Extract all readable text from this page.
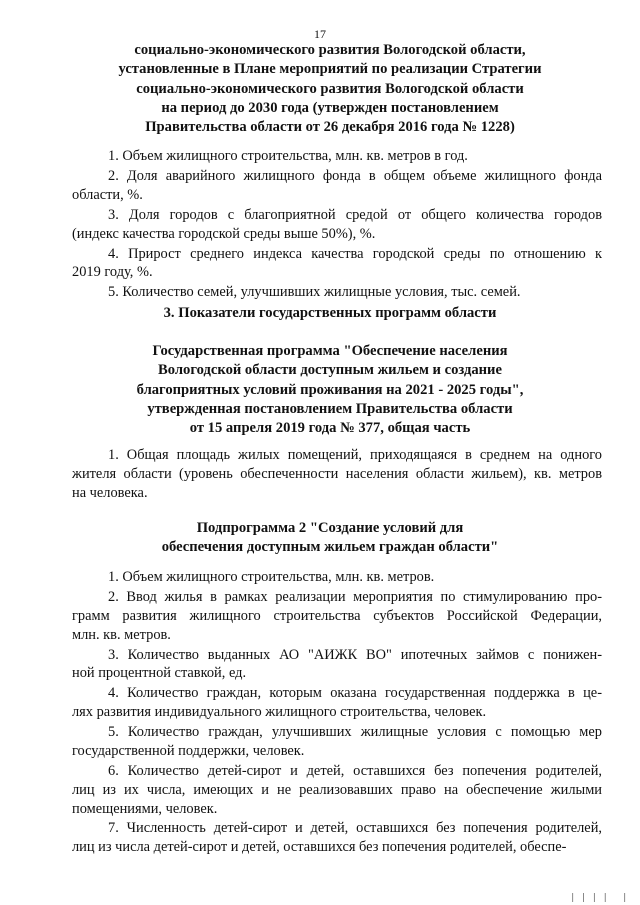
17
социально-экономического развития Вологодской области,
установленные в Плане мероприятий по реализации Стратегии
социально-экономического развития Вологодской области
на период до 2030 года (утвержден постановлением
Правительства области от 26 декабря 2016 года № 1228)
1. Объем жилищного строительства, млн. кв. метров в год.
2. Доля аварийного жилищного фонда в общем объеме жилищного фонда
области, %.
3. Доля городов с благоприятной средой от общего количества городов
(индекс качества городской среды выше 50%), %.
4. Прирост среднего индекса качества городской среды по отношению к
2019 году, %.
5. Количество семей, улучшивших жилищные условия, тыс. семей.
3. Показатели государственных программ области
Государственная программа "Обеспечение населения
Вологодской области доступным жильем и создание
благоприятных условий проживания на 2021 - 2025 годы",
утвержденная постановлением Правительства области
от 15 апреля 2019 года № 377, общая часть
1. Общая площадь жилых помещений, приходящаяся в среднем на одного
жителя области (уровень обеспеченности населения области жильем), кв. метров
на человека.
Подпрограмма 2 "Создание условий для
обеспечения доступным жильем граждан области"
1. Объем жилищного строительства, млн. кв. метров.
2. Ввод жилья в рамках реализации мероприятия по стимулированию про-
грамм развития жилищного строительства субъектов Российской Федерации,
млн. кв. метров.
3. Количество выданных АО "АИЖК ВО" ипотечных займов с понижен-
ной процентной ставкой, ед.
4. Количество граждан, которым оказана государственная поддержка в це-
лях развития индивидуального жилищного строительства, человек.
5. Количество граждан, улучшивших жилищные условия с помощью мер
государственной поддержки, человек.
6. Количество детей-сирот и детей, оставшихся без попечения родителей,
лиц из их числа, имеющих и не реализовавших право на обеспечение жилыми
помещениями, человек.
7. Численность детей-сирот и детей, оставшихся без попечения родителей,
лиц из числа детей-сирот и детей, оставшихся без попечения родителей, обеспе-
| | | | |
